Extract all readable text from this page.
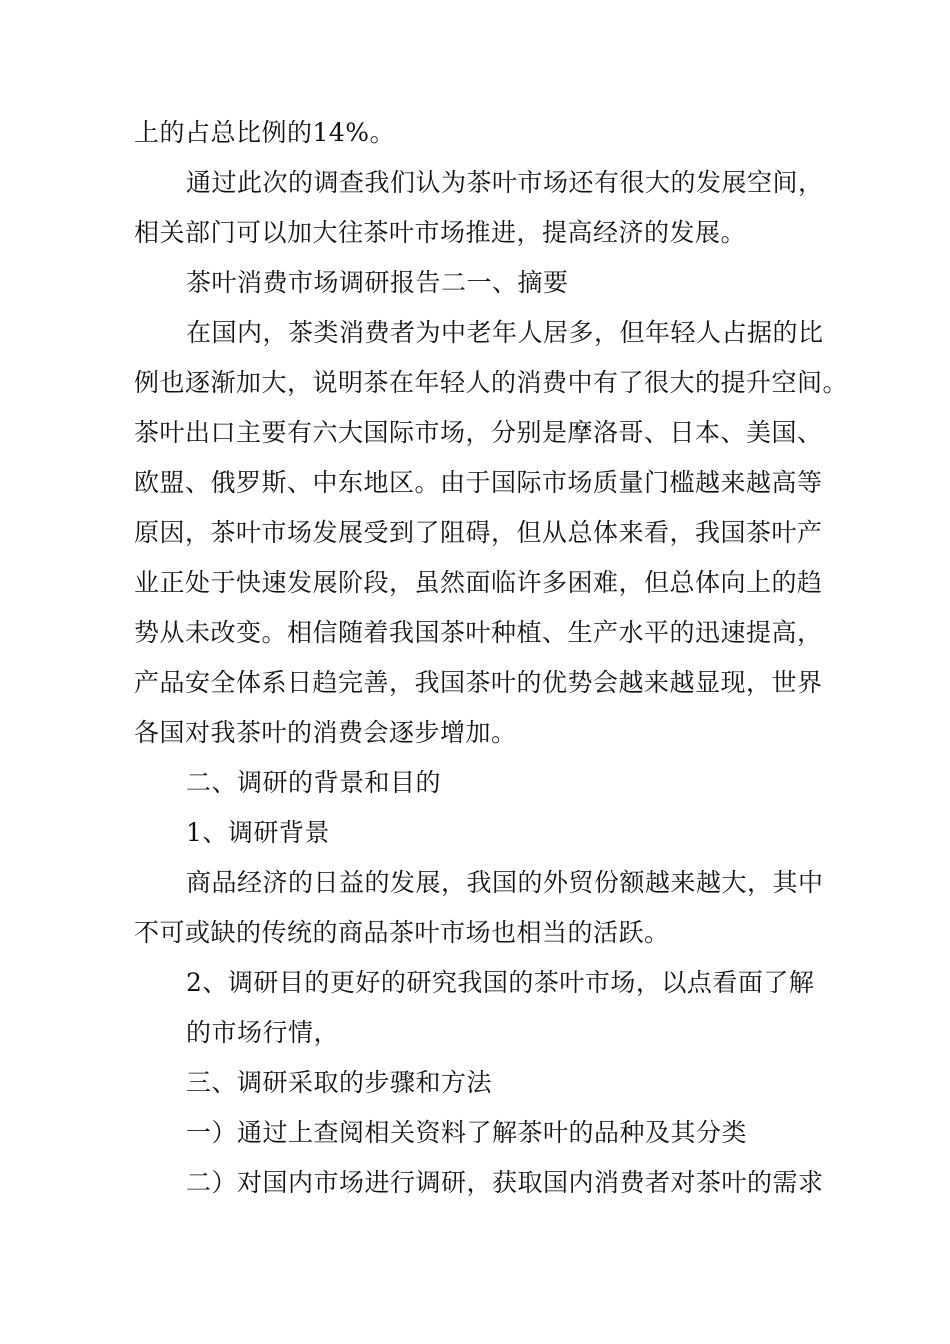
上的占总比例的14%。
通过此次的调查我们认为茶叶市场还有很大的发展空间，
相关部门可以加大往茶叶市场推进，提高经济的发展。
茶叶消费市场调研报告二一、摘要
在国内，茶类消费者为中老年人居多，但年轻人占据的比
例也逐渐加大，说明茶在年轻人的消费中有了很大的提升空间。
茶叶出口主要有六大国际市场，分别是摩洛哥、日本、美国、
欧盟、俄罗斯、中东地区。由于国际市场质量门槛越来越高等
原因，茶叶市场发展受到了阻碍，但从总体来看，我国茶叶产
业正处于快速发展阶段，虽然面临许多困难，但总体向上的趋
势从未改变。相信随着我国茶叶种植、生产水平的迅速提高，
产品安全体系日趋完善，我国茶叶的优势会越来越显现，世界
各国对我茶叶的消费会逐步增加。
二、调研的背景和目的
1、调研背景
商品经济的日益的发展，我国的外贸份额越来越大，其中
不可或缺的传统的商品茶叶市场也相当的活跃。
2、调研目的更好的研究我国的茶叶市场，以点看面了解
的市场行情，
三、调研采取的步骤和方法
一）通过上查阅相关资料了解茶叶的品种及其分类
二）对国内市场进行调研，获取国内消费者对茶叶的需求
